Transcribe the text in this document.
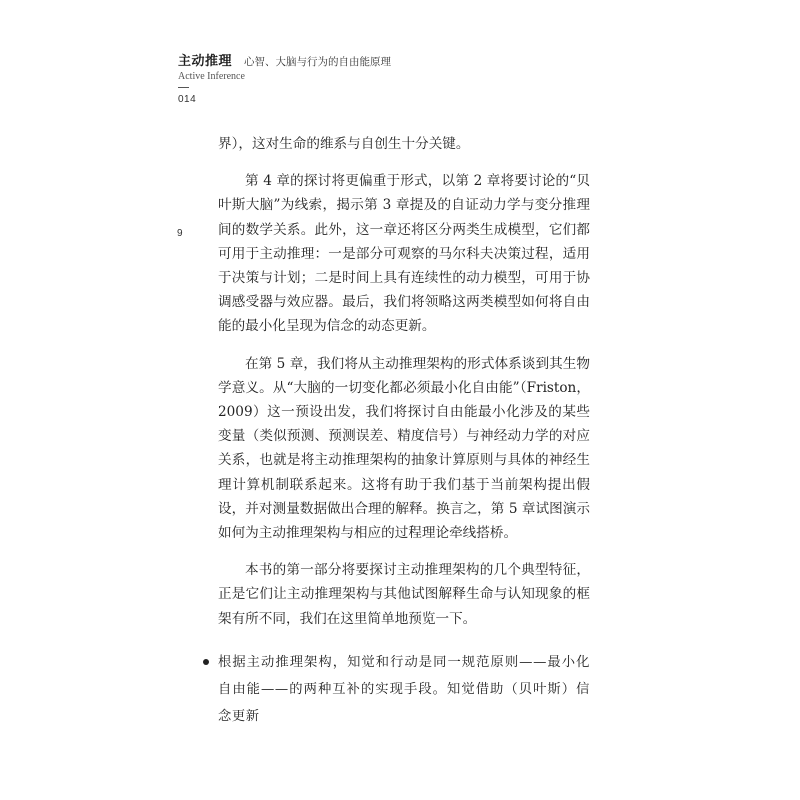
主动推理 心智、大脑与行为的自由能原理
Active Inference
014
9

界），这对生命的维系与自创生十分关键。

第 4 章的探讨将更偏重于形式，以第 2 章将要讨论的“贝叶斯大脑”为线索，揭示第 3 章提及的自证动力学与变分推理间的数学关系。此外，这一章还将区分两类生成模型，它们都可用于主动推理：一是部分可观察的马尔科夫决策过程，适用于决策与计划；二是时间上具有连续性的动力模型，可用于协调感受器与效应器。最后，我们将领略这两类模型如何将自由能的最小化呈现为信念的动态更新。

在第 5 章，我们将从主动推理架构的形式体系谈到其生物学意义。从“大脑的一切变化都必须最小化自由能”（Friston，2009）这一预设出发，我们将探讨自由能最小化涉及的某些变量（类似预测、预测误差、精度信号）与神经动力学的对应关系，也就是将主动推理架构的抽象计算原则与具体的神经生理计算机制联系起来。这将有助于我们基于当前架构提出假设，并对测量数据做出合理的解释。换言之，第 5 章试图演示如何为主动推理架构与相应的过程理论牵线搭桥。

本书的第一部分将要探讨主动推理架构的几个典型特征，正是它们让主动推理架构与其他试图解释生命与认知现象的框架有所不同，我们在这里简单地预览一下。

根据主动推理架构，知觉和行动是同一规范原则——最小化自由能——的两种互补的实现手段。知觉借助（贝叶斯）信念更新
